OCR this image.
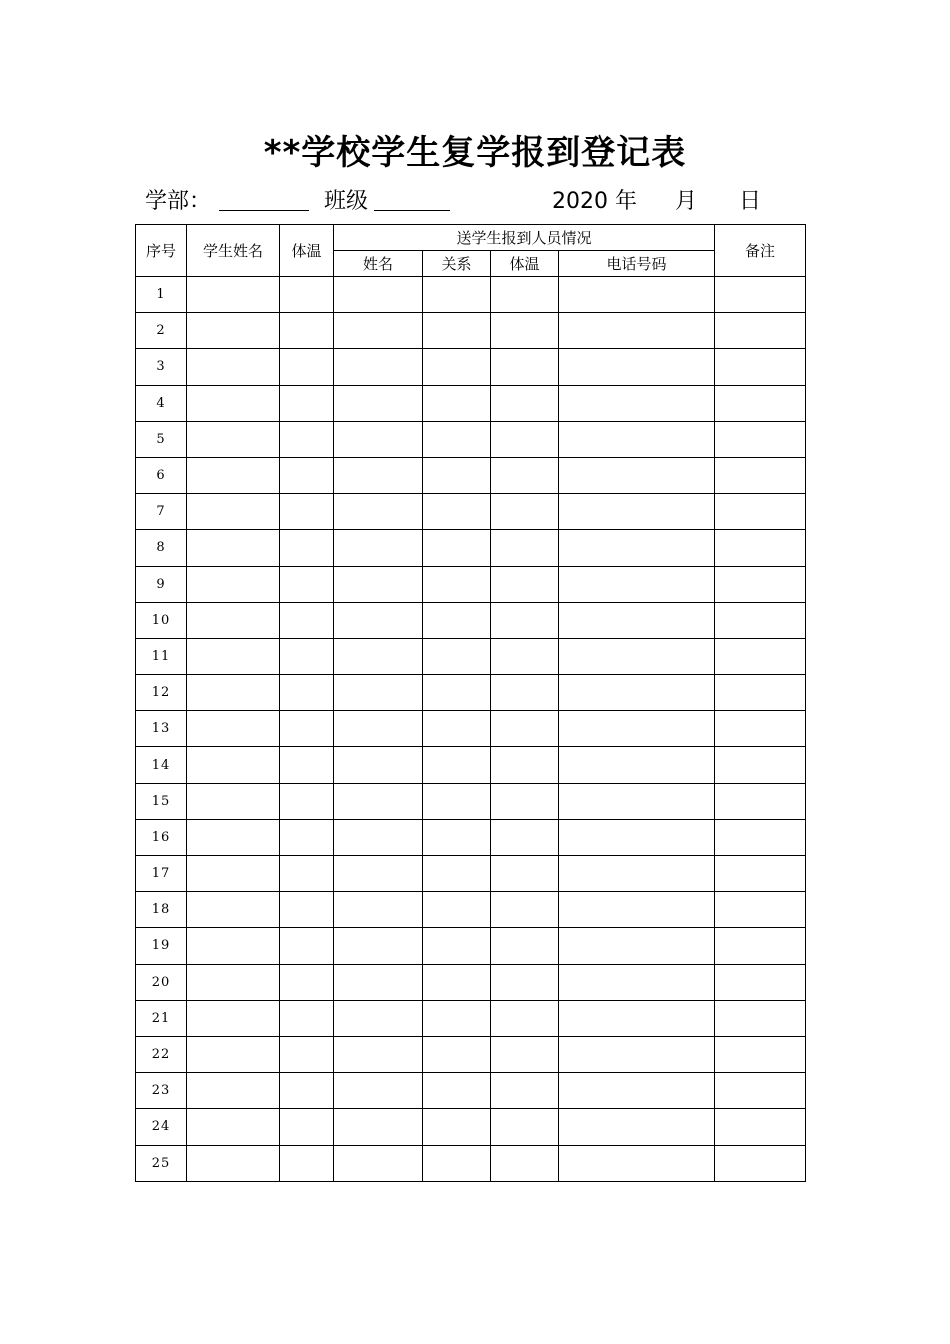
**学校学生复学报到登记表
学部：	班级	2020 年 月 日
序号	学生姓名	体温	送学生报到人员情况				备注
			姓名	关系	体温	电话号码	
1							
2							
3							
4							
5							
6							
7							
8							
9							
10							
11							
12							
13							
14							
15							
16							
17							
18							
19							
20							
21							
22							
23							
24							
25							
